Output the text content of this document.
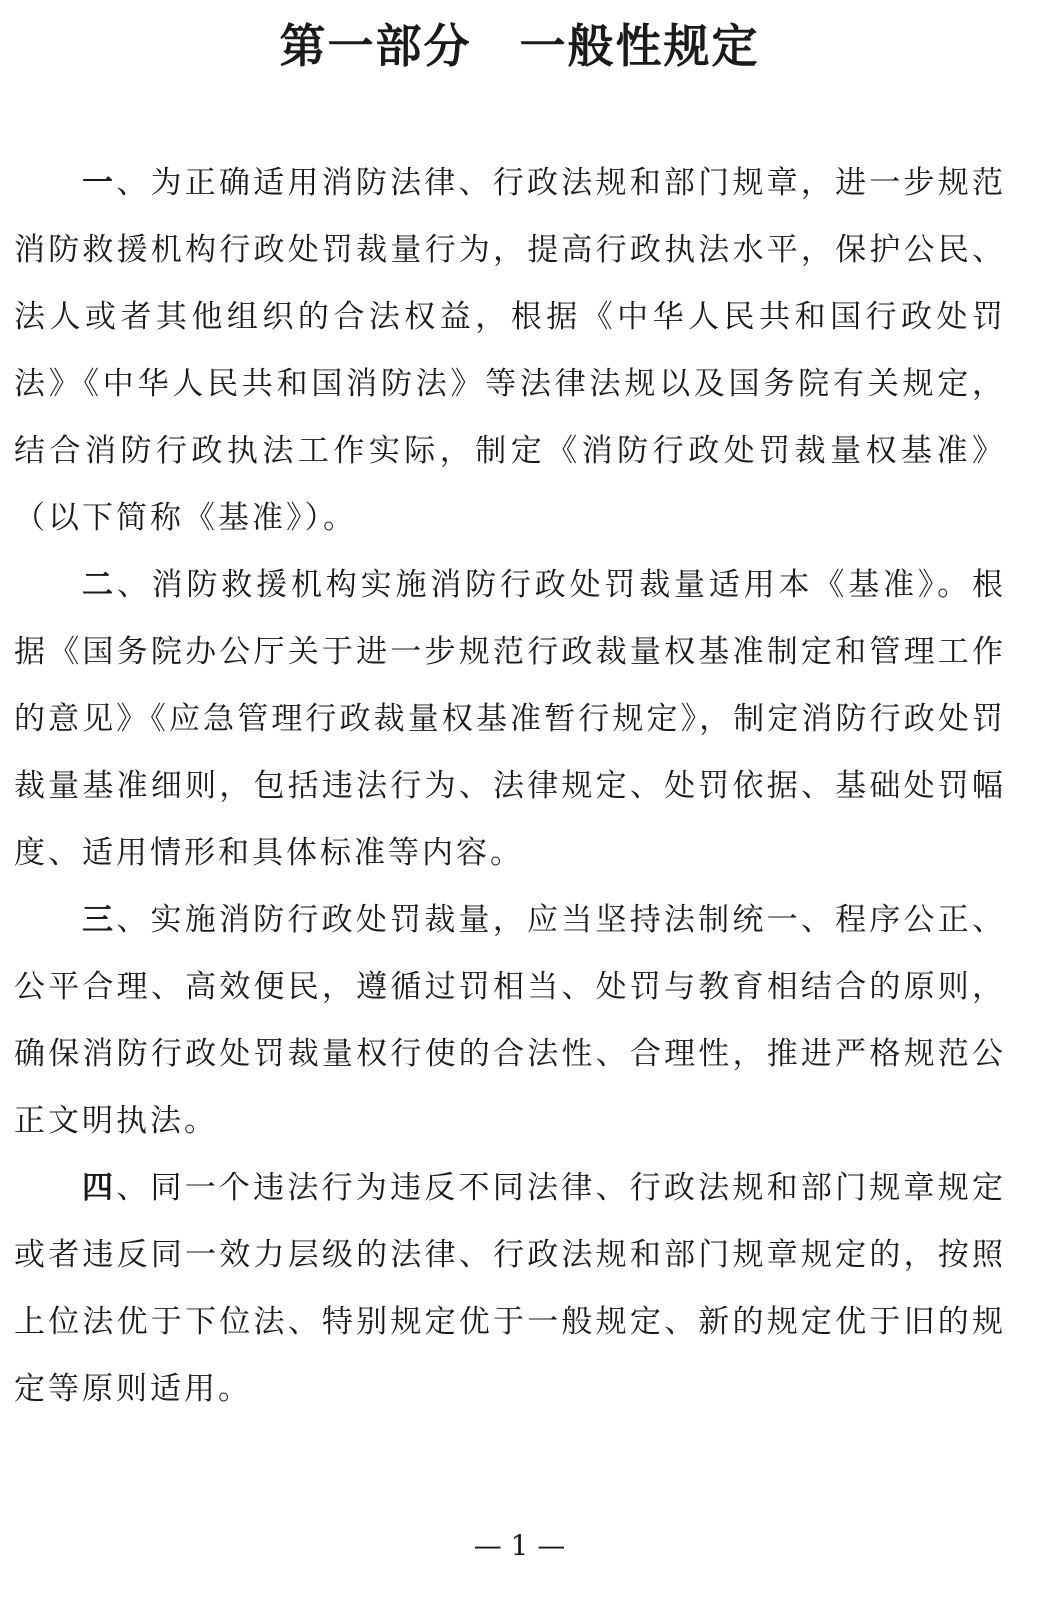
第一部分　一般性规定

一、为正确适用消防法律、行政法规和部门规章，进一步规范消防救援机构行政处罚裁量行为，提高行政执法水平，保护公民、法人或者其他组织的合法权益，根据《中华人民共和国行政处罚法》《中华人民共和国消防法》等法律法规以及国务院有关规定，结合消防行政执法工作实际，制定《消防行政处罚裁量权基准》（以下简称《基准》）。

二、消防救援机构实施消防行政处罚裁量适用本《基准》。根据《国务院办公厅关于进一步规范行政裁量权基准制定和管理工作的意见》《应急管理行政裁量权基准暂行规定》，制定消防行政处罚裁量基准细则，包括违法行为、法律规定、处罚依据、基础处罚幅度、适用情形和具体标准等内容。

三、实施消防行政处罚裁量，应当坚持法制统一、程序公正、公平合理、高效便民，遵循过罚相当、处罚与教育相结合的原则，确保消防行政处罚裁量权行使的合法性、合理性，推进严格规范公正文明执法。

四、同一个违法行为违反不同法律、行政法规和部门规章规定或者违反同一效力层级的法律、行政法规和部门规章规定的，按照上位法优于下位法、特别规定优于一般规定、新的规定优于旧的规定等原则适用。

— 1 —
